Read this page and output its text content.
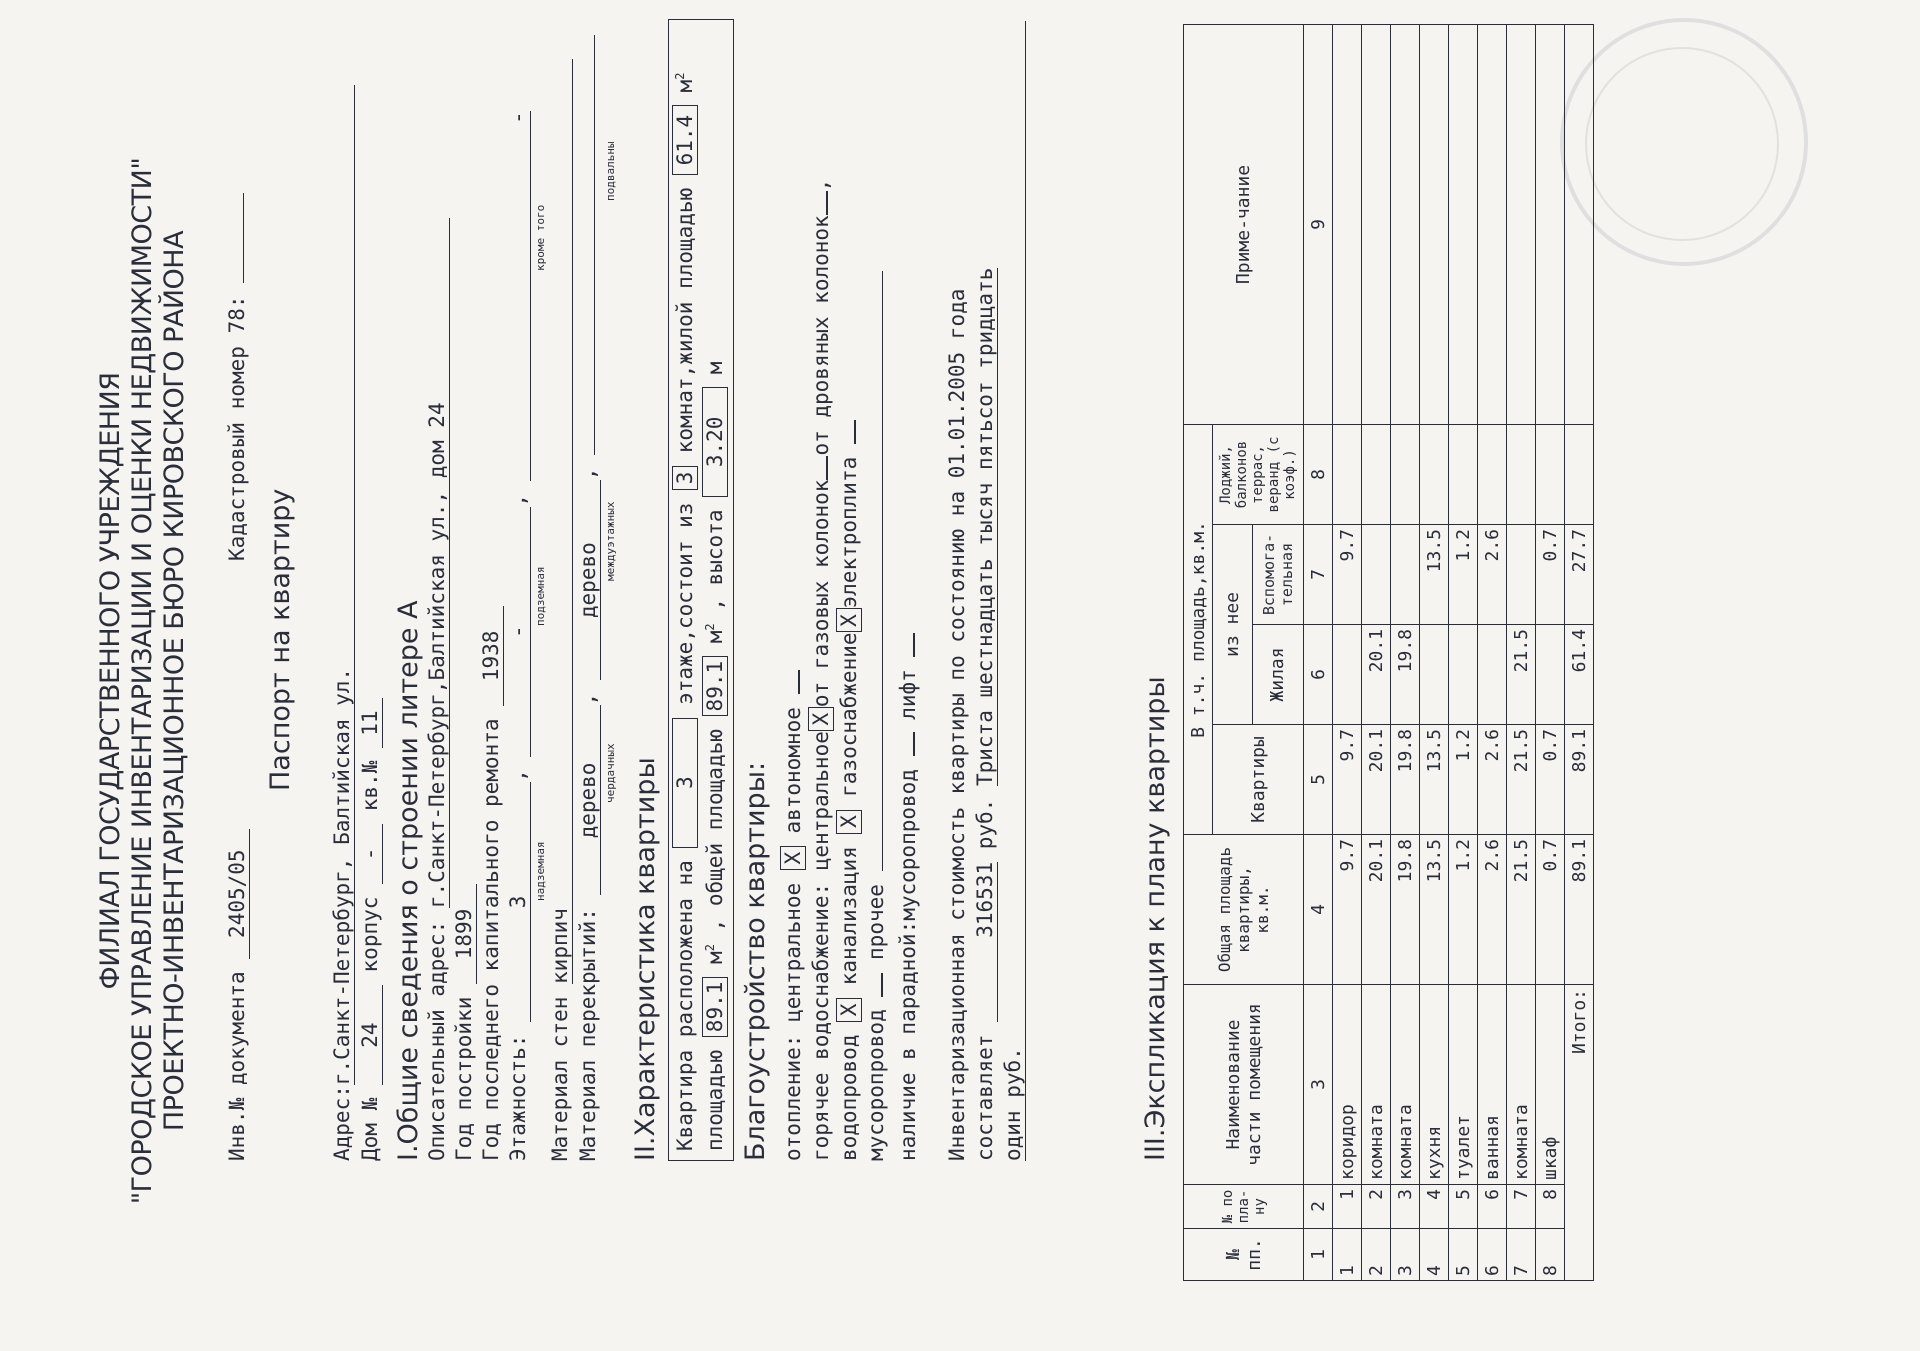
ФИЛИАЛ ГОСУДАРСТВЕННОГО УЧРЕЖДЕНИЯ "ГОРОДСКОЕ УПРАВЛЕНИЕ ИНВЕНТАРИЗАЦИИ И ОЦЕНКИ НЕДВИЖИМОСТИ" ПРОЕКТНО-ИНВЕНТАРИЗАЦИОННОЕ БЮРО КИРОВСКОГО РАЙОНА Инв.№ документа 2405/05
Кадастровый номер 78:
Паспорт на квартиру
Адрес:г.Санкт-Петербург, Балтийская ул.
Дом № 24 корпус - кв.№ 11 I.Общие сведения о строении литере А Описательный адрес: г.Санкт-Петербург,Балтийская ул., дом 24
Год постройки 1899 Год последнего капитального ремонта 1938
Этажность: 3, -, -
надземная
подземная
кроме того
Материал стен кирпич Материал перекрытий: дерево, дерево,
чердачных
междуэтажных
подвальны
II.Характеристика квартиры Квартира расположена на 3 этаже,состоит из 3 комнат,жилой площадью 61.4 $м^2$
площадью 89.1 $м^2$ , общей площадью 89.1 $м^2$ , высота 3.20 м
Благоустройство квартиры: отопление: центральное X автономное горячее водоснабжение: центральноеXот газовых колонокот дровяных колонок,
водопровод X канализация X газоснабжениеXэлектроплита
мусоропровод  прочее наличие в парадной:мусоропровод  лифт Инвентаризационная стоимость квартиры по состоянию на 01.01.2005 года составляет 316531 руб. Триста шестнадцать тысяч пятьсот тридцать
один руб.	III.Экспликация к плану квартиры
№ пп.	№ по пла-ну	Наименование части помещения	Общая площадь квартиры, кв.м.	В т.ч. площадь,кв.м.				Приме-чание
				Квартиры	из нее		Лоджий, балконов террас, веранд (с коэф.)	
					Жилая	Вспомога-тельная		
1	2	3	4	5	6	7	8	9
1	1	коридор	9.7	9.7		9.7		
2	2	комната	20.1	20.1	20.1			
3	3	комната	19.8	19.8	19.8			
4	4	кухня	13.5	13.5		13.5		
5	5	туалет	1.2	1.2		1.2		
6	6	ванная	2.6	2.6		2.6		
7	7	комната	21.5	21.5	21.5			
8	8	шкаф	0.7	0.7		0.7		
Итого:			89.1	89.1	61.4	27.7		
